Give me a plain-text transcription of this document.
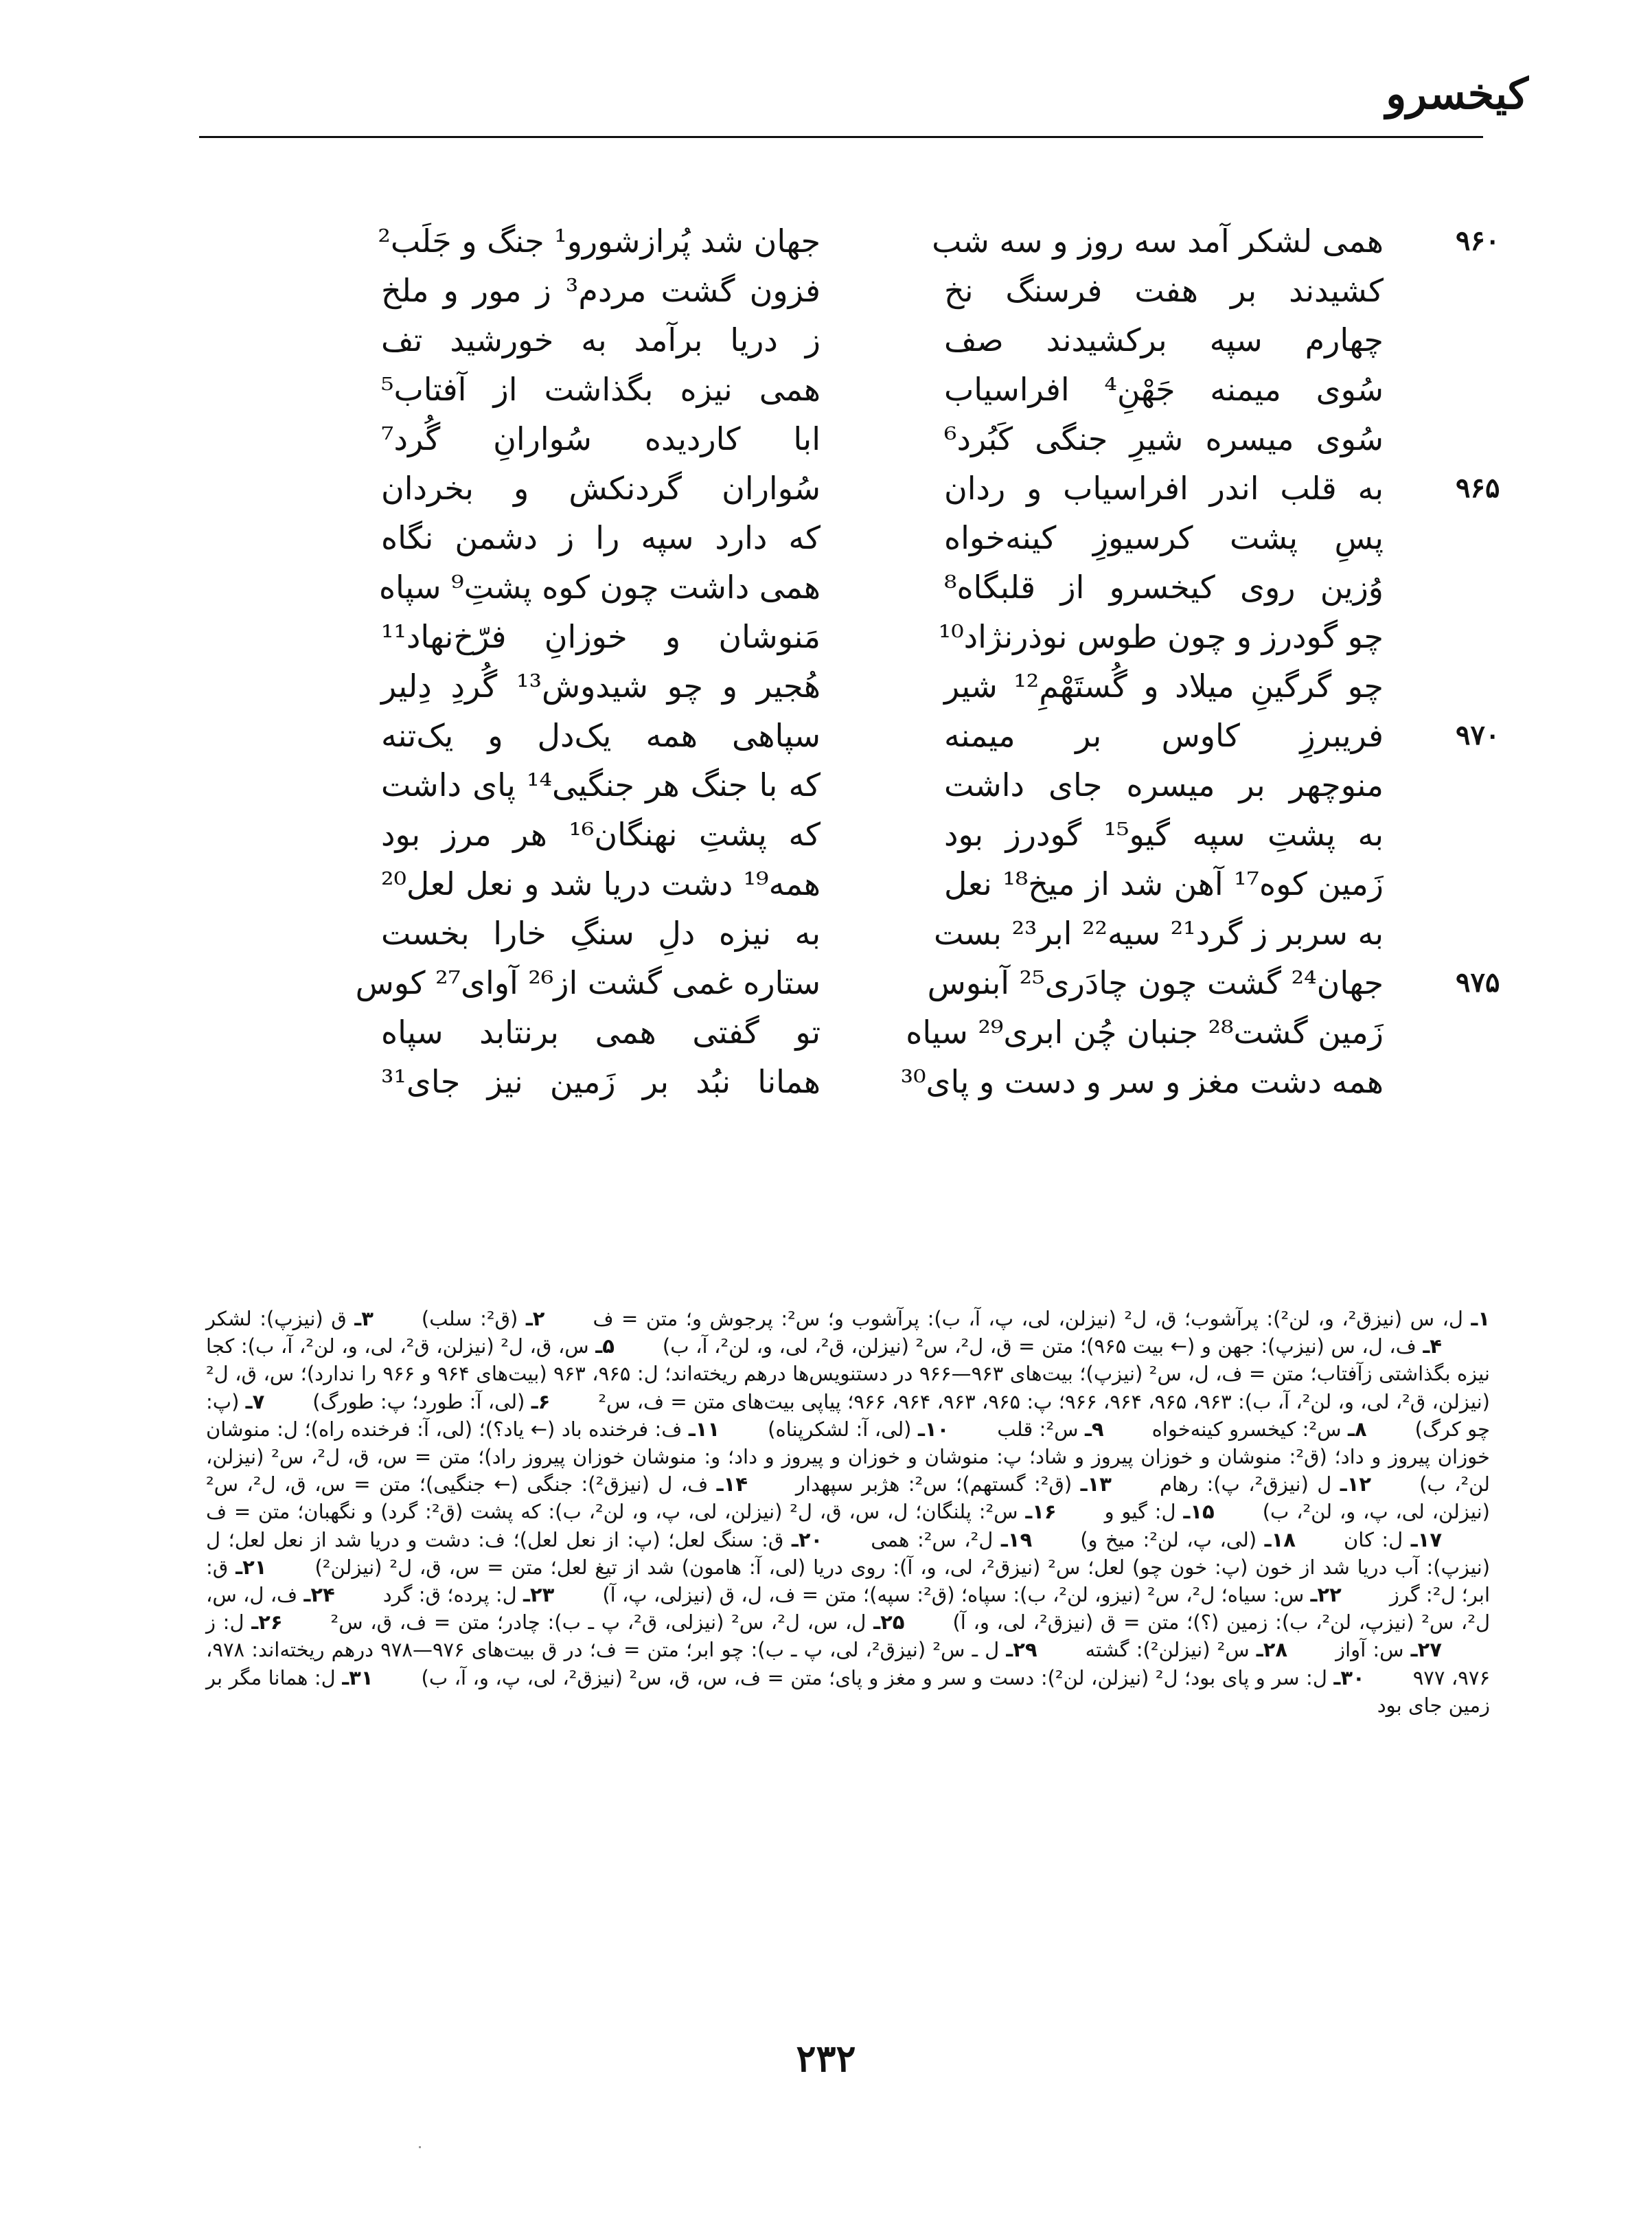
کیخسرو
۹۶۰
همی لشکر آمد سه روز و سه شب
جهان شد پُرازشورو¹ جنگ و جَلَب²
کشیدند بر هفت فرسنگ نخ
فزون گشت مردم³ ز مور و ملخ
چهارم سپه برکشیدند صف
ز دریا برآمد به خورشید تف
سُوی میمنه جَهْنِ⁴ افراسیاب
همی نیزه بگذاشت از آفتاب⁵
سُوی میسره شیرِ جنگی کَبُرد⁶
ابا کاردیده سُوارانِ گُرد⁷
۹۶۵
به قلب اندر افراسیاب و ردان
سُواران گردنکش و بخردان
پسِ پشت کرسیوزِ کینه‌خواه
که دارد سپه را ز دشمن نگاه
وُزین روی کیخسرو از قلبگاه⁸
همی داشت چون کوه پشتِ⁹ سپاه
چو گودرز و چون طوس نوذرنژاد¹⁰
مَنوشان و خوزانِ فرّخ‌نهاد¹¹
چو گرگینِ میلاد و گُستَهْمِ¹² شیر
هُجیر و چو شیدوش¹³ گُردِ دِلیر
۹۷۰
فریبرزِ کاوس بر میمنه
سپاهی همه یک‌دل و یک‌تنه
منوچهر بر میسره جای داشت
که با جنگ هر جنگیی¹⁴ پای داشت
به پشتِ سپه گیو¹⁵ گودرز بود
که پشتِ نهنگان¹⁶ هر مرز بود
زَمین کوه¹⁷ آهن شد از میخ¹⁸ نعل
همه¹⁹ دشت دریا شد و نعل لعل²⁰
به سربر ز گرد²¹ سیه²² ابر²³ بست
به نیزه دلِ سنگِ خارا بخست
۹۷۵
جهان²⁴ گشت چون چادَری²⁵ آبنوس
ستاره غمی گشت از²⁶ آوای²⁷ کوس
زَمین گشت²⁸ جنبان چُن ابری²⁹ سیاه
تو گفتی همی برنتابد سپاه
همه دشت مغز و سر و دست و پای³⁰
همانا نبُد بر زَمین نیز جای³¹
۱ـ ل، س (نیزق²، و، لن²): پرآشوب؛ ق، ل² (نیزلن، لی، پ، آ، ب): پرآشوب و؛ س²: پرجوش و؛ متن = ف۲ـ (ق²: سلب)۳ـ ق (نیزپ): لشکر۴ـ ف، ل، س (نیزپ): جهن و (← بیت ۹۶۵)؛ متن = ق، ل²، س² (نیزلن، ق²، لی، و، لن²، آ، ب)۵ـ س، ق، ل² (نیزلن، ق²، لی، و، لن²، آ، ب): کجا نیزه بگذاشتی زآفتاب؛ متن = ف، ل، س² (نیزپ)؛ بیت‌های ۹۶۳—۹۶۶ در دستنویس‌ها درهم ریخته‌اند؛ ل: ۹۶۵، ۹۶۳ (بیت‌های ۹۶۴ و ۹۶۶ را ندارد)؛ س، ق، ل² (نیزلن، ق²، لی، و، لن²، آ، ب): ۹۶۳، ۹۶۵، ۹۶۴، ۹۶۶؛ پ: ۹۶۵، ۹۶۳، ۹۶۴، ۹۶۶؛ پیاپی بیت‌های متن = ف، س²۶ـ (لی، آ: طورد؛ پ: طورگ)۷ـ (پ: چو کرگ)۸ـ س²: کیخسرو کینه‌خواه۹ـ س²: قلب۱۰ـ (لی، آ: لشکرپناه)۱۱ـ ف: فرخنده باد (← یاد؟)؛ (لی، آ: فرخنده راه)؛ ل: منوشان خوزان پیروز و داد؛ (ق²: منوشان و خوزان پیروز و شاد؛ پ: منوشان و خوزان و پیروز و داد؛ و: منوشان خوزان پیروز راد)؛ متن = س، ق، ل²، س² (نیزلن، لن²، ب)۱۲ـ ل (نیزق²، پ): رهام۱۳ـ (ق²: گستهم)؛ س²: هژبر سپهدار۱۴ـ ف، ل (نیزق²): جنگی (← جنگیی)؛ متن = س، ق، ل²، س² (نیزلن، لی، پ، و، لن²، ب)۱۵ـ ل: گیو و۱۶ـ س²: پلنگان؛ ل، س، ق، ل² (نیزلن، لی، پ، و، لن²، ب): که پشت (ق²: گرد) و نگهبان؛ متن = ف۱۷ـ ل: کان۱۸ـ (لی، پ، لن²: میخ و)۱۹ـ ل²، س²: همی۲۰ـ ق: سنگ لعل؛ (پ: از نعل لعل)؛ ف: دشت و دریا شد از نعل لعل؛ ل (نیزپ): آب دریا شد از خون (پ: خون چو) لعل؛ س² (نیزق²، لی، و، آ): روی دریا (لی، آ: هامون) شد از تیغ لعل؛ متن = س، ق، ل² (نیزلن²)۲۱ـ ق: ابر؛ ل²: گرز۲۲ـ س: سیاه؛ ل²، س² (نیزو، لن²، ب): سپاه؛ (ق²: سپه)؛ متن = ف، ل، ق (نیزلی، پ، آ)۲۳ـ ل: پرده؛ ق: گرد۲۴ـ ف، ل، س، ل²، س² (نیزپ، لن²، ب): زمین (؟)؛ متن = ق (نیزق²، لی، و، آ)۲۵ـ ل، س، ل²، س² (نیزلی، ق²، پ ـ ب): چادر؛ متن = ف، ق، س²۲۶ـ ل: ز۲۷ـ س: آواز۲۸ـ س² (نیزلن²): گشته۲۹ـ ل ـ س² (نیزق²، لی، پ ـ ب): چو ابر؛ متن = ف؛ در ق بیت‌های ۹۷۶—۹۷۸ درهم ریخته‌اند: ۹۷۸، ۹۷۶، ۹۷۷۳۰ـ ل: سر و پای بود؛ ل² (نیزلن، لن²): دست و سر و مغز و پای؛ متن = ف، س، ق، س² (نیزق²، لی، پ، و، آ، ب)۳۱ـ ل: همانا مگر بر زمین جای بود
۲۳۲
